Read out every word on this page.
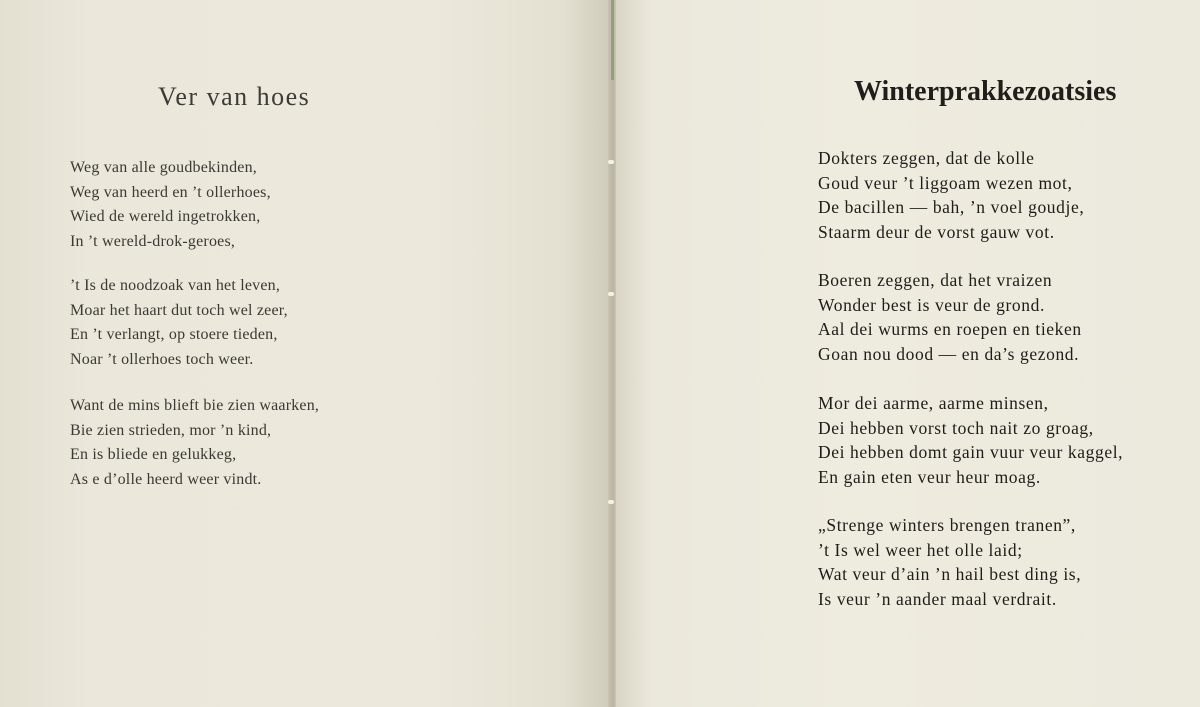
Ver van hoes
Weg van alle goudbekinden,
Weg van heerd en ’t ollerhoes,
Wied de wereld ingetrokken,
In ’t wereld-drok-geroes,
’t Is de noodzoak van het leven,
Moar het haart dut toch wel zeer,
En ’t verlangt, op stoere tieden,
Noar ’t ollerhoes toch weer.
Want de mins blieft bie zien waarken,
Bie zien strieden, mor ’n kind,
En is bliede en gelukkeg,
As e d’olle heerd weer vindt.
Winterprakkezoatsies
Dokters zeggen, dat de kolle
Goud veur ’t liggoam wezen mot,
De bacillen — bah, ’n voel goudje,
Staarm deur de vorst gauw vot.
Boeren zeggen, dat het vraizen
Wonder best is veur de grond.
Aal dei wurms en roepen en tieken
Goan nou dood — en da’s gezond.
Mor dei aarme, aarme minsen,
Dei hebben vorst toch nait zo groag,
Dei hebben domt gain vuur veur kaggel,
En gain eten veur heur moag.
„Strenge winters brengen tranen”,
’t Is wel weer het olle laid;
Wat veur d’ain ’n hail best ding is,
Is veur ’n aander maal verdrait.
